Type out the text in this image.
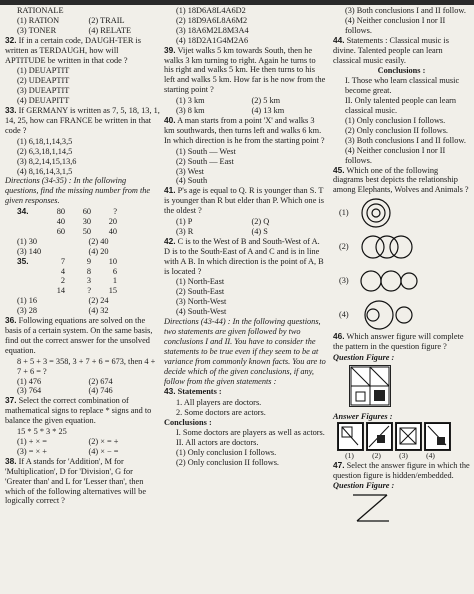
RATIONALE
(1) RATION	(2) TRAIL
(3) TONER	(4) RELATE
32. If in a certain code, DAUGH-TER is written as TERDAUGH, how will APTITUDE be written in that code ?
(1) DEUAPTIT
(2) UDEAPTIT
(3) DUEAPTIT
(4) DEUAPITT
33. If GERMANY is written as 7, 5, 18, 13, 1, 14, 25, how can FRANCE be written in that code ?
(1) 6,18,1,14,3,5
(2) 6,3,18,1,14,5
(3) 8,2,14,15,13,6
(4) 8,16,14,3,1,5
Directions (34-35) : In the following questions, find the missing number from the given responses.
34.	80	60	?
40	30	20
60	50	40
(1) 30	(2) 40
(3) 140	(4) 20
35.	7	9	10
4	8	6
2	3	1
14	?	15
(1) 16	(2) 24
(3) 28	(4) 32
36. Following equations are solved on the basis of a certain system. On the same basis, find out the correct answer for the unsolved equation.
8 + 5 + 3 = 358, 3 + 7 + 6 = 673, then 4 + 7 + 6 = ?
(1) 476	(2) 674
(3) 764	(4) 746
37. Select the correct combination of mathematical signs to replace * signs and to balance the given equation.
15 * 5 * 3 * 25
(1) + × =	(2) × = +
(3) = × +	(4) × − =
38. If A stands for 'Addition', M for 'Multiplication', D for 'Division', G for 'Greater than' and L for 'Lesser than', then which of the following alternatives will be logically correct ?
(1) 18D6A8L4A6D2
(2) 18D9A6L8A6M2
(3) 18A6M2L8M3A4
(4) 18D2A1G4M2A6
39. Vijet walks 5 km towards South, then he walks 3 km turning to right. Again he turns to his right and walks 5 km. He then turns to his left and walks 5 km. How far is he now from the starting point ?
(1) 3 km	(2) 5 km
(3) 8 km	(4) 13 km
40. A man starts from a point 'X' and walks 3 km southwards, then turns left and walks 6 km. In which direction is he from the starting point ?
(1) South — West
(2) South — East
(3) West
(4) South
41. P's age is equal to Q. R is younger than S. T is younger than R but elder than P. Which one is the oldest ?
(1) P	(2) Q
(3) R	(4) S
42. C is to the West of B and South-West of A. D is to the South-East of A and C and is in line with A B. In which direction is the point of A, B is located ?
(1) North-East
(2) South-East
(3) North-West
(4) South-West
Directions (43-44) : In the following questions, two statements are given followed by two conclusions I and II. You have to consider the statements to be true even if they seem to be at variance from commonly known facts. You are to decide which of the given conclusions, if any, follow from the given statements :
43. Statements :
1. All players are doctors.
2. Some doctors are actors.
Conclusions :
I. Some doctors are players as well as actors.
II. All actors are doctors.
(1) Only conclusion I follows.
(2) Only conclusion II follows.
(3) Both conclusions I and II follow.
(4) Neither conclusion I nor II follows.
44. Statements : Classical music is divine. Talented people can learn classical music easily.
Conclusions :
I. Those who learn classical music become great.
II. Only talented people can learn classical music.
(1) Only conclusion I follows.
(2) Only conclusion II follows.
(3) Both conclusions I and II follow.
(4) Neither conclusion I nor II follows.
45. Which one of the following diagrams best depicts the relationship among Elephants, Wolves and Animals ?
(1)
(2)
(3)
(4)
46. Which answer figure will complete the pattern in the question figure ?
Question Figure :
Answer Figures :
(1)	(2)	(3)	(4)
47. Select the answer figure in which the question figure is hidden/embedded.
Question Figure :
